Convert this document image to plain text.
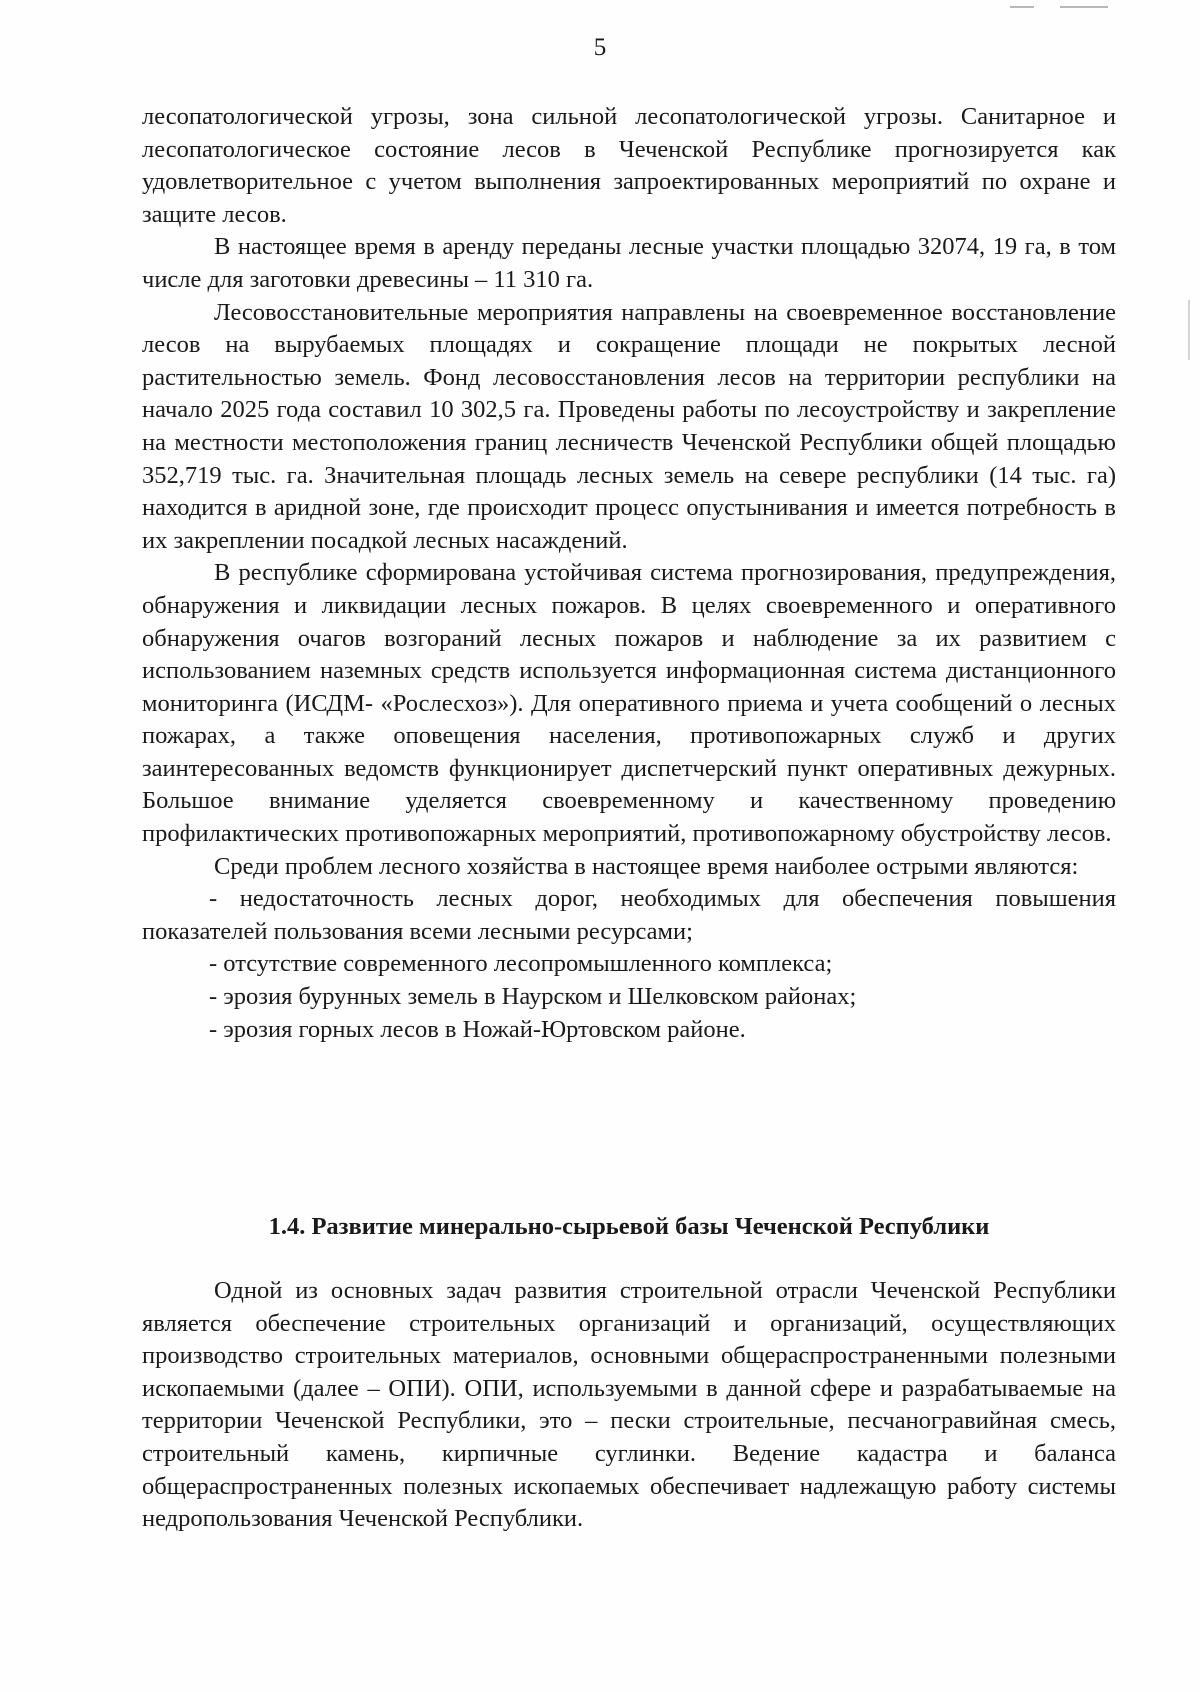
5

лесопатологической угрозы, зона сильной лесопатологической угрозы. Санитарное и лесопатологическое состояние лесов в Чеченской Республике прогнозируется как удовлетворительное с учетом выполнения запроектированных мероприятий по охране и защите лесов.

В настоящее время в аренду переданы лесные участки площадью 32074, 19 га, в том числе для заготовки древесины – 11 310 га.

Лесовосстановительные мероприятия направлены на своевременное восстановление лесов на вырубаемых площадях и сокращение площади не покрытых лесной растительностью земель. Фонд лесовосстановления лесов на территории республики на начало 2025 года составил 10 302,5 га. Проведены работы по лесоустройству и закрепление на местности местоположения границ лесничеств Чеченской Республики общей площадью 352,719 тыс. га. Значительная площадь лесных земель на севере республики (14 тыс. га) находится в аридной зоне, где происходит процесс опустынивания и имеется потребность в их закреплении посадкой лесных насаждений.

В республике сформирована устойчивая система прогнозирования, предупреждения, обнаружения и ликвидации лесных пожаров. В целях своевременного и оперативного обнаружения очагов возгораний лесных пожаров и наблюдение за их развитием с использованием наземных средств используется информационная система дистанционного мониторинга (ИСДМ- «Рослесхоз»). Для оперативного приема и учета сообщений о лесных пожарах, а также оповещения населения, противопожарных служб и других заинтересованных ведомств функционирует диспетчерский пункт оперативных дежурных. Большое внимание уделяется своевременному и качественному проведению профилактических противопожарных мероприятий, противопожарному обустройству лесов.

Среди проблем лесного хозяйства в настоящее время наиболее острыми являются:

- недостаточность лесных дорог, необходимых для обеспечения повышения показателей пользования всеми лесными ресурсами;

- отсутствие современного лесопромышленного комплекса;

- эрозия бурунных земель в Наурском и Шелковском районах;

- эрозия горных лесов в Ножай-Юртовском районе.

1.4. Развитие минерально-сырьевой базы Чеченской Республики

Одной из основных задач развития строительной отрасли Чеченской Республики является обеспечение строительных организаций и организаций, осуществляющих производство строительных материалов, основными общераспространенными полезными ископаемыми (далее – ОПИ). ОПИ, используемыми в данной сфере и разрабатываемые на территории Чеченской Республики, это – пески строительные, песчаногравийная смесь, строительный камень, кирпичные суглинки. Ведение кадастра и баланса общераспространенных полезных ископаемых обеспечивает надлежащую работу системы недропользования Чеченской Республики.
